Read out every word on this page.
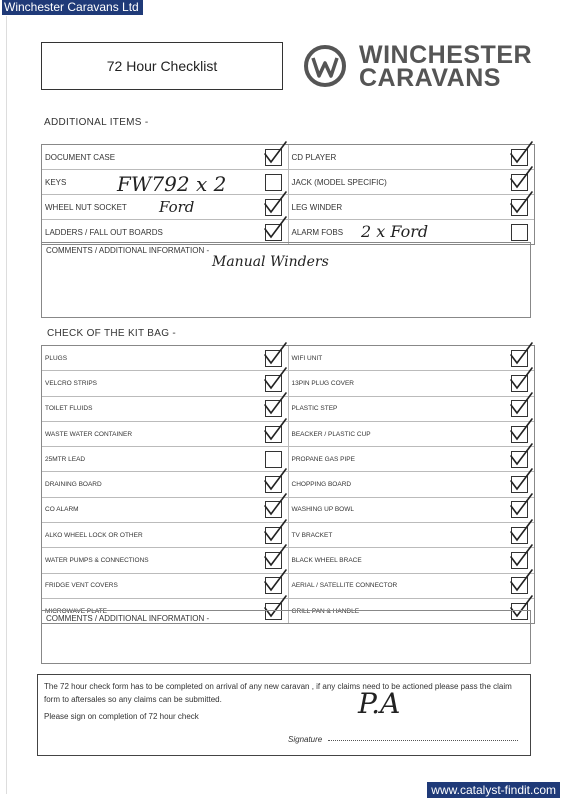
Winchester Caravans Ltd
72 Hour Checklist	WINCHESTER
CARAVANS
ADDITIONAL ITEMS -
DOCUMENT CASE	CD PLAYER
KEYS	JACK (MODEL SPECIFIC)
WHEEL NUT SOCKET	LEG WINDER
LADDERS / FALL OUT BOARDS	ALARM FOBS
FW792 x 2
Ford
2 x Ford
COMMENTS / ADDITIONAL INFORMATION -
Manual Winders
CHECK OF THE KIT BAG -
PLUGS	WIFI UNIT
VELCRO STRIPS	13PIN PLUG COVER
TOILET FLUIDS	PLASTIC STEP
WASTE WATER CONTAINER	BEACKER / PLASTIC CUP
25MTR LEAD	PROPANE GAS PIPE
DRAINING BOARD	CHOPPING BOARD
CO ALARM	WASHING UP BOWL
ALKO WHEEL LOCK OR OTHER	TV BRACKET
WATER PUMPS & CONNECTIONS	BLACK WHEEL BRACE
FRIDGE VENT COVERS	AERIAL / SATELLITE CONNECTOR
MICROWAVE PLATE	GRILL PAN & HANDLE
COMMENTS / ADDITIONAL INFORMATION -
The 72 hour check form has to be completed on arrival of any new caravan , if any claims need to be actioned please pass the claim form to aftersales so any claims can be submitted.
Please sign on completion of 72 hour check
Signature
P.A
www.catalyst-findit.com
